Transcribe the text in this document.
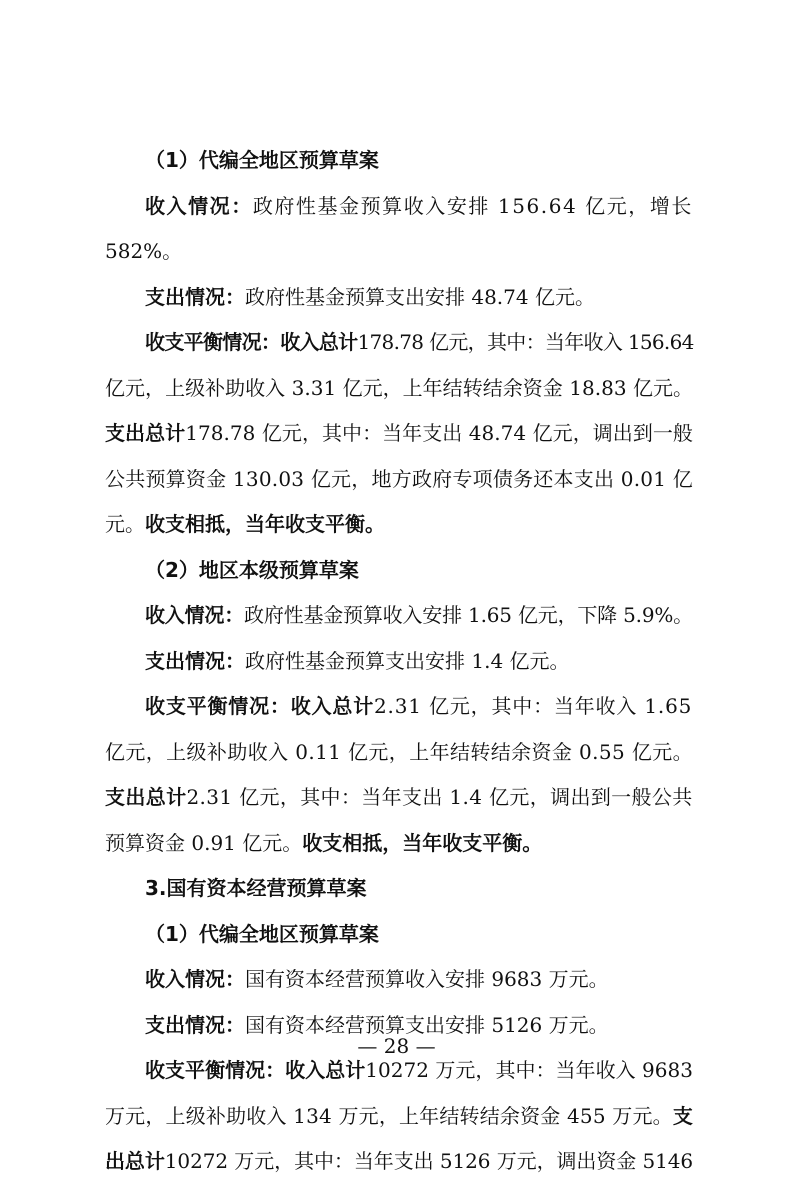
（1）代编全地区预算草案
收入情况： 政府性基金预算收入安排 156.64 亿元，增长
582%。
支出情况： 政府性基金预算支出安排 48.74 亿元。
收支平衡情况：收入总计 178.78 亿元，其中：当年收入 156.64
亿元，上级补助收入 3.31 亿元，上年结转结余资金 18.83 亿元。
支出总计 178.78 亿元，其中：当年支出 48.74 亿元，调出到一般
公共预算资金 130.03 亿元，地方政府专项债务还本支出 0.01 亿
元。 收支相抵，当年收支平衡。
（2）地区本级预算草案
收入情况： 政府性基金预算收入安排 1.65 亿元，下降 5.9%。
支出情况： 政府性基金预算支出安排 1.4 亿元。
收支平衡情况：收入总计 2.31 亿元，其中：当年收入 1.65
亿元，上级补助收入 0.11 亿元，上年结转结余资金 0.55 亿元。
支出总计 2.31 亿元，其中：当年支出 1.4 亿元，调出到一般公共
预算资金 0.91 亿元。 收支相抵，当年收支平衡。
3.国有资本经营预算草案
（1）代编全地区预算草案
收入情况： 国有资本经营预算收入安排 9683 万元。
支出情况： 国有资本经营预算支出安排 5126 万元。
收支平衡情况：收入总计 10272 万元，其中：当年收入 9683
万元，上级补助收入 134 万元，上年结转结余资金 455 万元。 支
出总计 10272 万元，其中：当年支出 5126 万元，调出资金 5146
— 28 —
